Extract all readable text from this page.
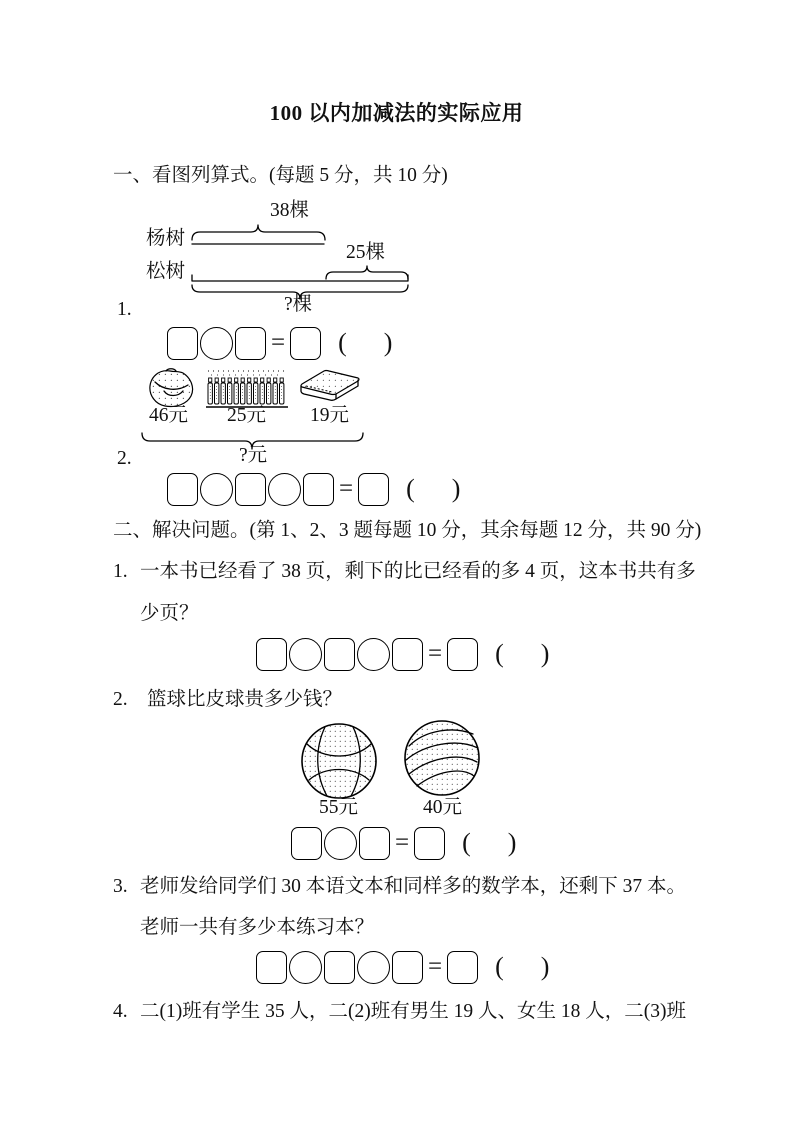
100 以内加减法的实际应用
一、看图列算式。(每题 5 分，共 10 分)
38棵
杨树
25棵
松树
?棵
1.
= ( )
46元 25元 19元
?元
2.
= ( )
二、解决问题。(第 1、2、3 题每题 10 分，其余每题 12 分，共 90 分)
1. 一本书已经看了 38 页，剩下的比已经看的多 4 页，这本书共有多
少页？
= ( )
2. 篮球比皮球贵多少钱？
55元	40元
= ( )
3. 老师发给同学们 30 本语文本和同样多的数学本，还剩下 37 本。
老师一共有多少本练习本？
= ( )
4. 二(1)班有学生 35 人，二(2)班有男生 19 人、女生 18 人，二(3)班
